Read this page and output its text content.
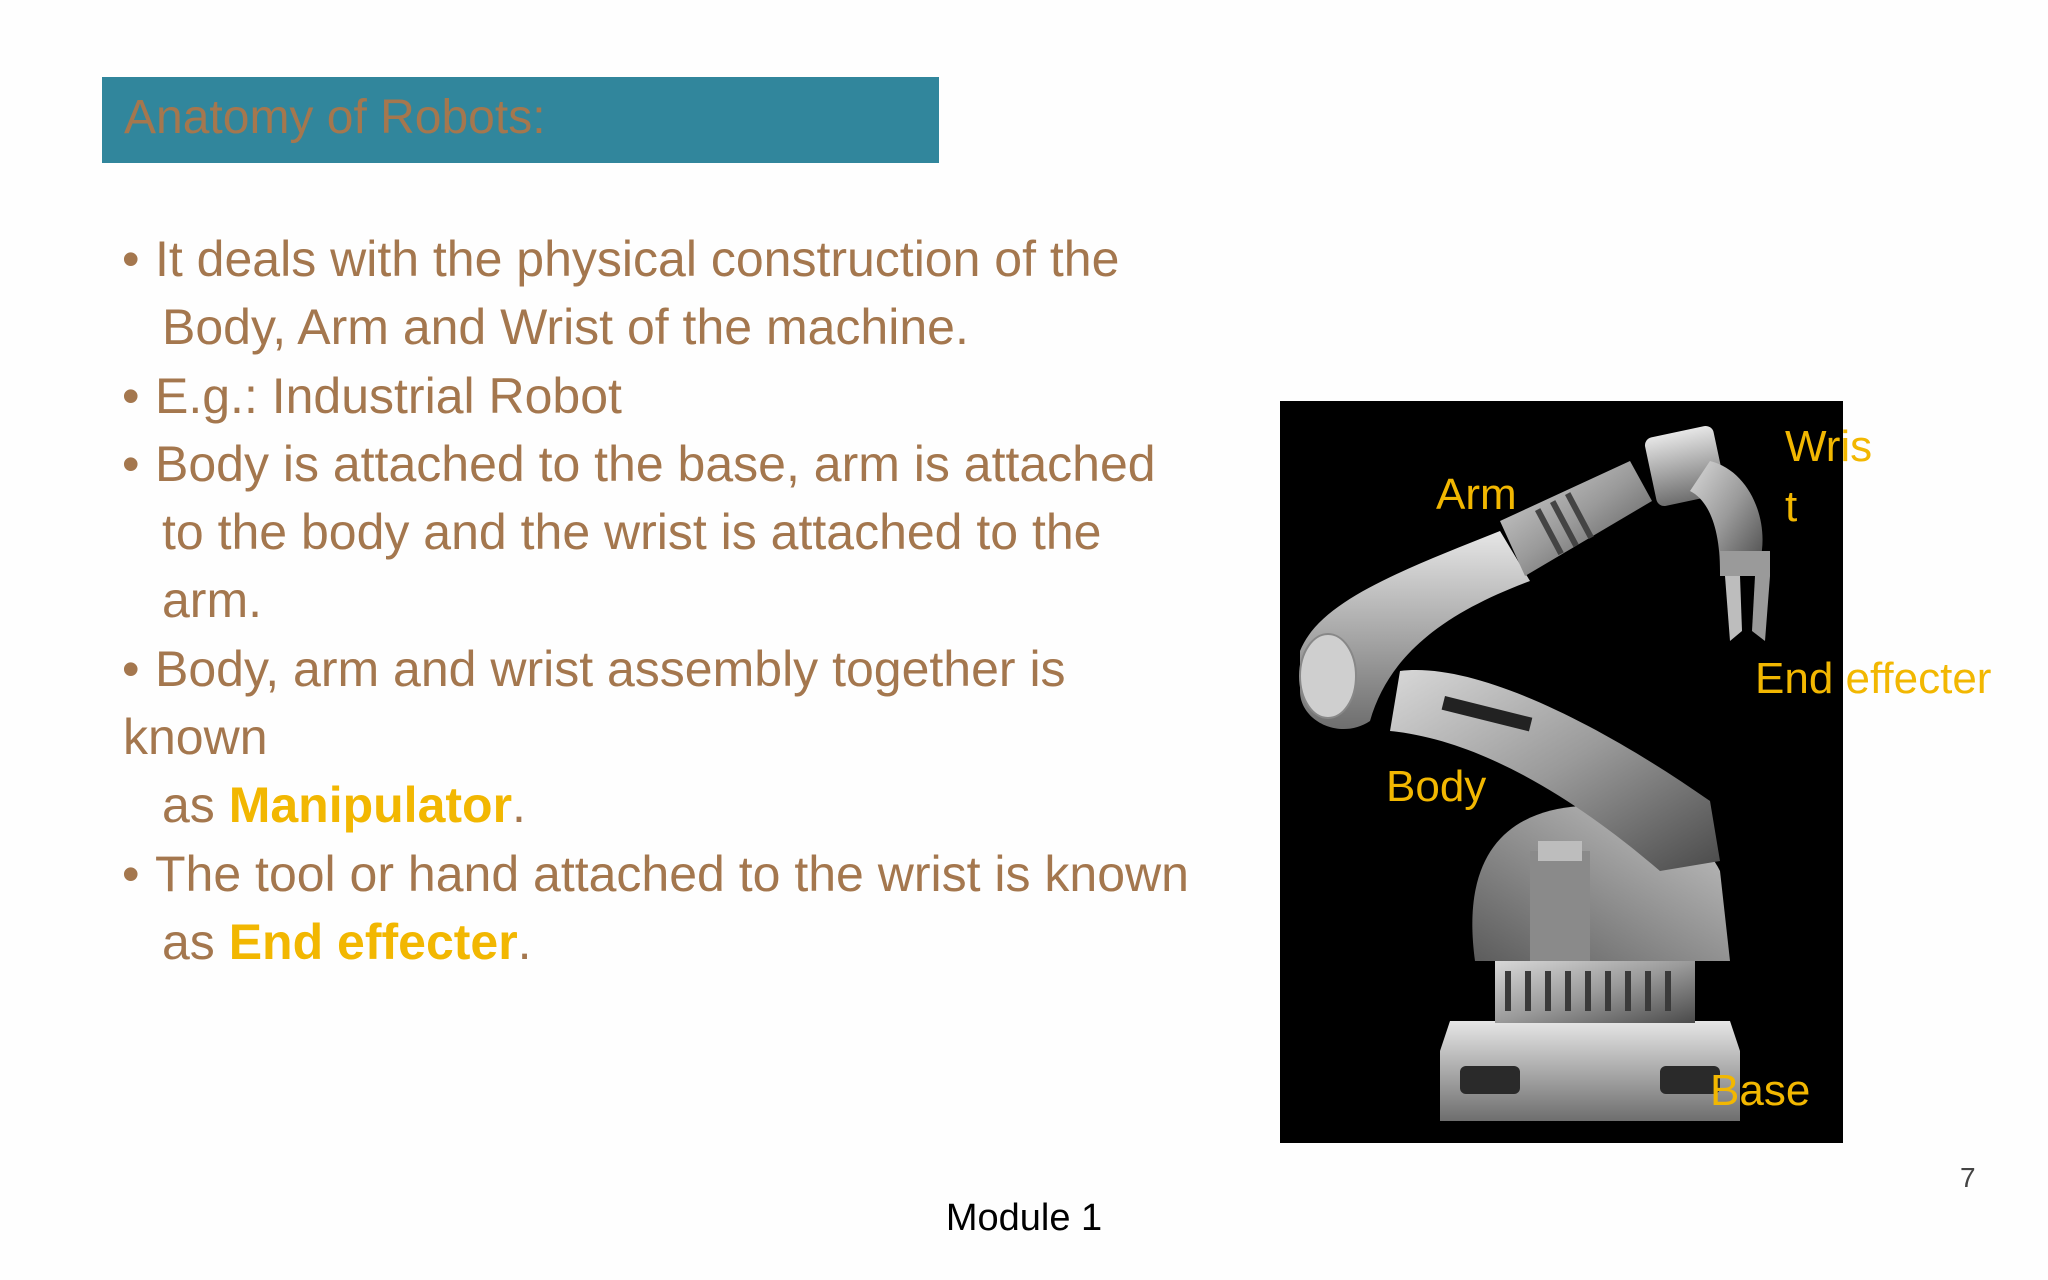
Anatomy of Robots:
• It deals with the physical construction of the
Body, Arm and Wrist of the machine.
• E.g.: Industrial Robot
• Body is attached to the base, arm is attached
to the body and the wrist is attached to the
arm.
• Body, arm and wrist assembly together is
known
as Manipulator.
• The tool or hand attached to the wrist is known
as End effecter.
Arm
Wris t
End effecter
Body
Base
7
Module 1
